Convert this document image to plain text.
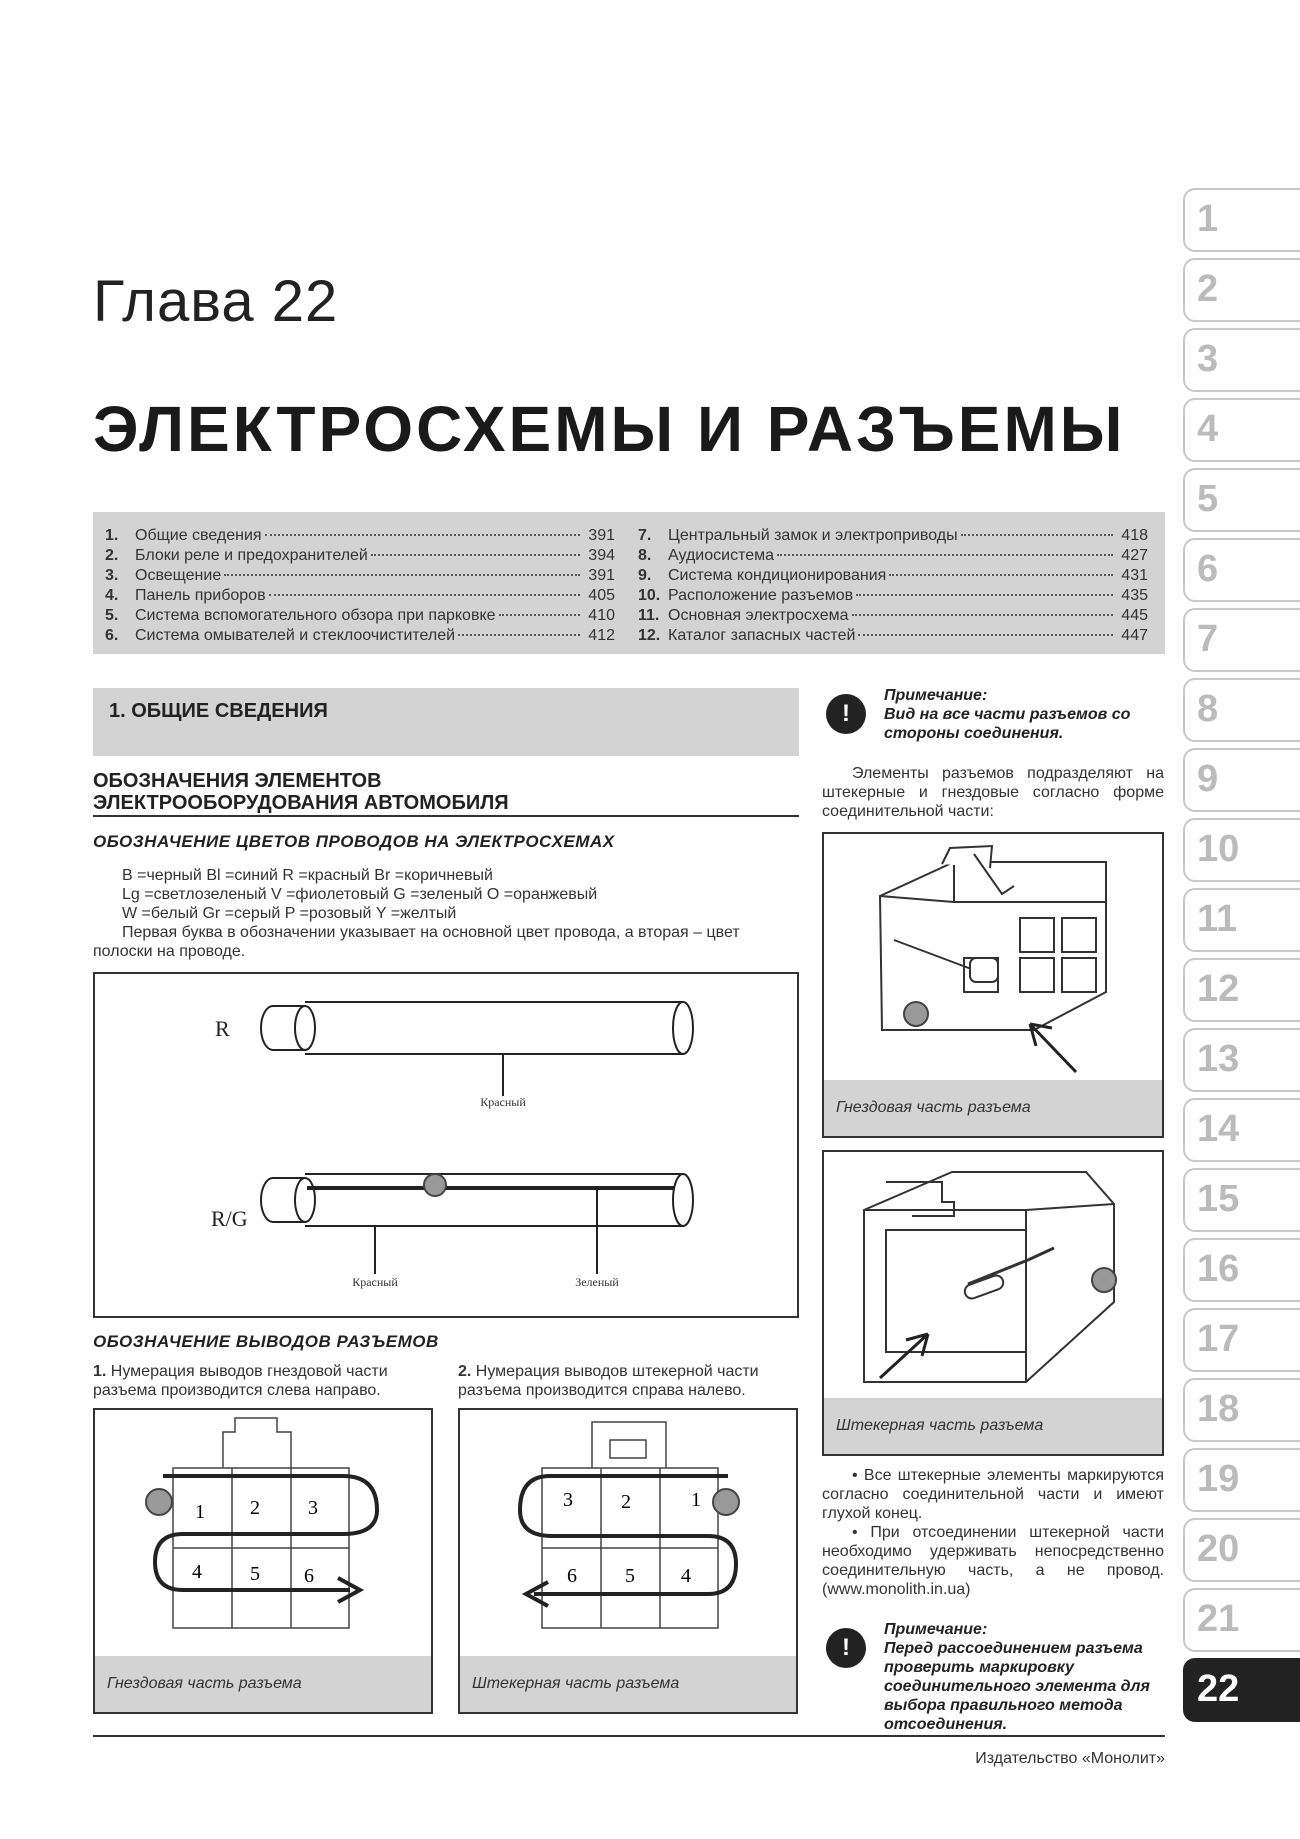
Глава 22
ЭЛЕКТРОСХЕМЫ И РАЗЪЕМЫ
1.	Общие сведения	391
2.	Блоки реле и предохранителей	394
3.	Освещение	391
4.	Панель приборов	405
5.	Система вспомогательного обзора при парковке	410
6.	Система омывателей и стеклоочистителей	412
7.	Центральный замок и электроприводы	418
8.	Аудиосистема	427
9.	Система кондиционирования	431
10. Расположение разъемов	435
11. Основная электросхема	445
12. Каталог запасных частей	447
1. ОБЩИЕ СВЕДЕНИЯ
ОБОЗНАЧЕНИЯ ЭЛЕМЕНТОВ
ЭЛЕКТРООБОРУДОВАНИЯ АВТОМОБИЛЯ
ОБОЗНАЧЕНИЕ ЦВЕТОВ ПРОВОДОВ НА ЭЛЕКТРОСХЕМАХ
B =черный Bl =синий R =красный Br =коричневый
Lg =светлозеленый V =фиолетовый G =зеленый O =оранжевый
W =белый Gr =серый P =розовый Y =желтый
Первая буква в обозначении указывает на основной цвет провода, а вторая – цвет полоски на проводе.
R
Красный
R/G
Красный	Зеленый
ОБОЗНАЧЕНИЕ ВЫВОДОВ РАЗЪЕМОВ
1. Нумерация выводов гнездовой части разъема производится слева направо.
2. Нумерация выводов штекерной части разъема производится справа налево.
1 2 3
4 5 6
Гнездовая часть разъема
3 2	1
6 5 4
Штекерная часть разъема
!
Примечание:
Вид на все части разъемов со стороны соединения.
Элементы разъемов подразделяют на штекерные и гнездовые согласно форме соединительной части:
Гнездовая часть разъема
Штекерная часть разъема
• Все штекерные элементы маркируются согласно соединительной части и имеют глухой конец.
• При отсоединении штекерной части необходимо удерживать непосредственно соединительную часть, а не провод. (www.monolith.in.ua)
!
Примечание:
Перед рассоединением разъема проверить маркировку соединительного элемента для выбора правильного метода отсоединения.
1
2
3
4
5
6
7
8
9
10
11
12
13
14
15
16
17
18
19
20
21
22
Издательство «Монолит»
